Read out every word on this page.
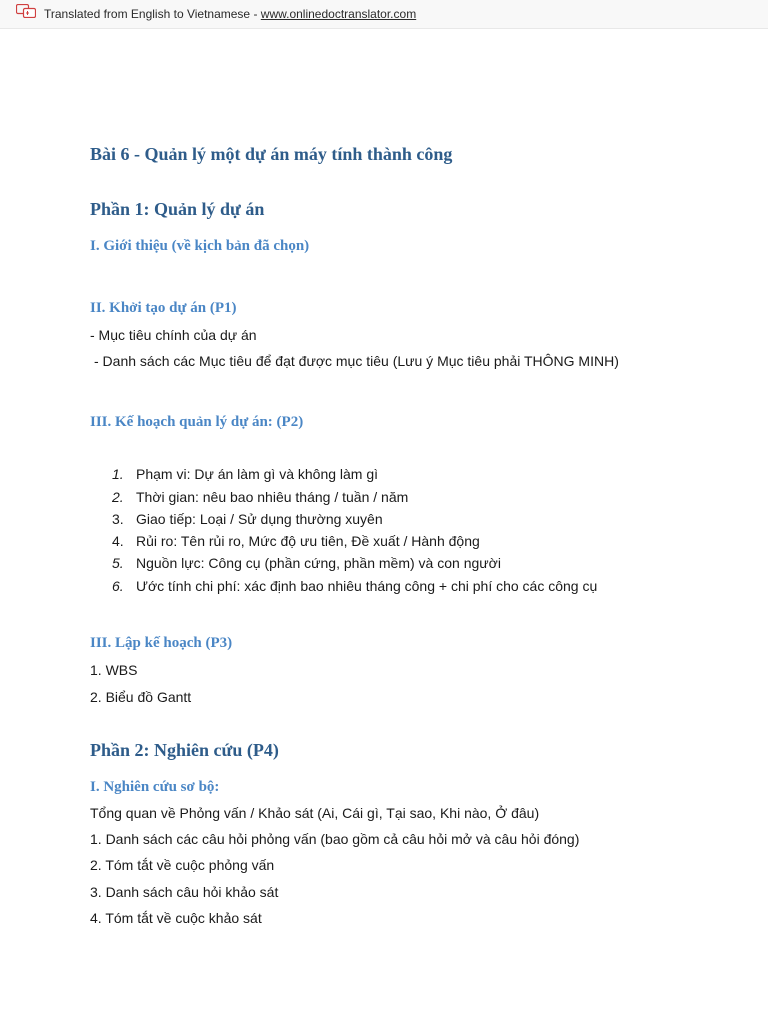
Translated from English to Vietnamese - www.onlinedoctranslator.com
Bài 6 - Quản lý một dự án máy tính thành công
Phần 1: Quản lý dự án
I. Giới thiệu (về kịch bản đã chọn)
II. Khởi tạo dự án (P1)
- Mục tiêu chính của dự án
- Danh sách các Mục tiêu để đạt được mục tiêu (Lưu ý Mục tiêu phải THÔNG MINH)
III. Kế hoạch quản lý dự án: (P2)
1. Phạm vi: Dự án làm gì và không làm gì
2. Thời gian: nêu bao nhiêu tháng / tuần / năm
3. Giao tiếp: Loại / Sử dụng thường xuyên
4. Rủi ro: Tên rủi ro, Mức độ ưu tiên, Đề xuất / Hành động
5. Nguồn lực: Công cụ (phần cứng, phần mềm) và con người
6. Ước tính chi phí: xác định bao nhiêu tháng công + chi phí cho các công cụ
III. Lập kế hoạch (P3)
1. WBS
2. Biểu đồ Gantt
Phần 2: Nghiên cứu (P4)
I. Nghiên cứu sơ bộ:
Tổng quan về Phỏng vấn / Khảo sát (Ai, Cái gì, Tại sao, Khi nào, Ở đâu)
1. Danh sách các câu hỏi phỏng vấn (bao gồm cả câu hỏi mở và câu hỏi đóng)
2. Tóm tắt về cuộc phỏng vấn
3. Danh sách câu hỏi khảo sát
4. Tóm tắt về cuộc khảo sát
